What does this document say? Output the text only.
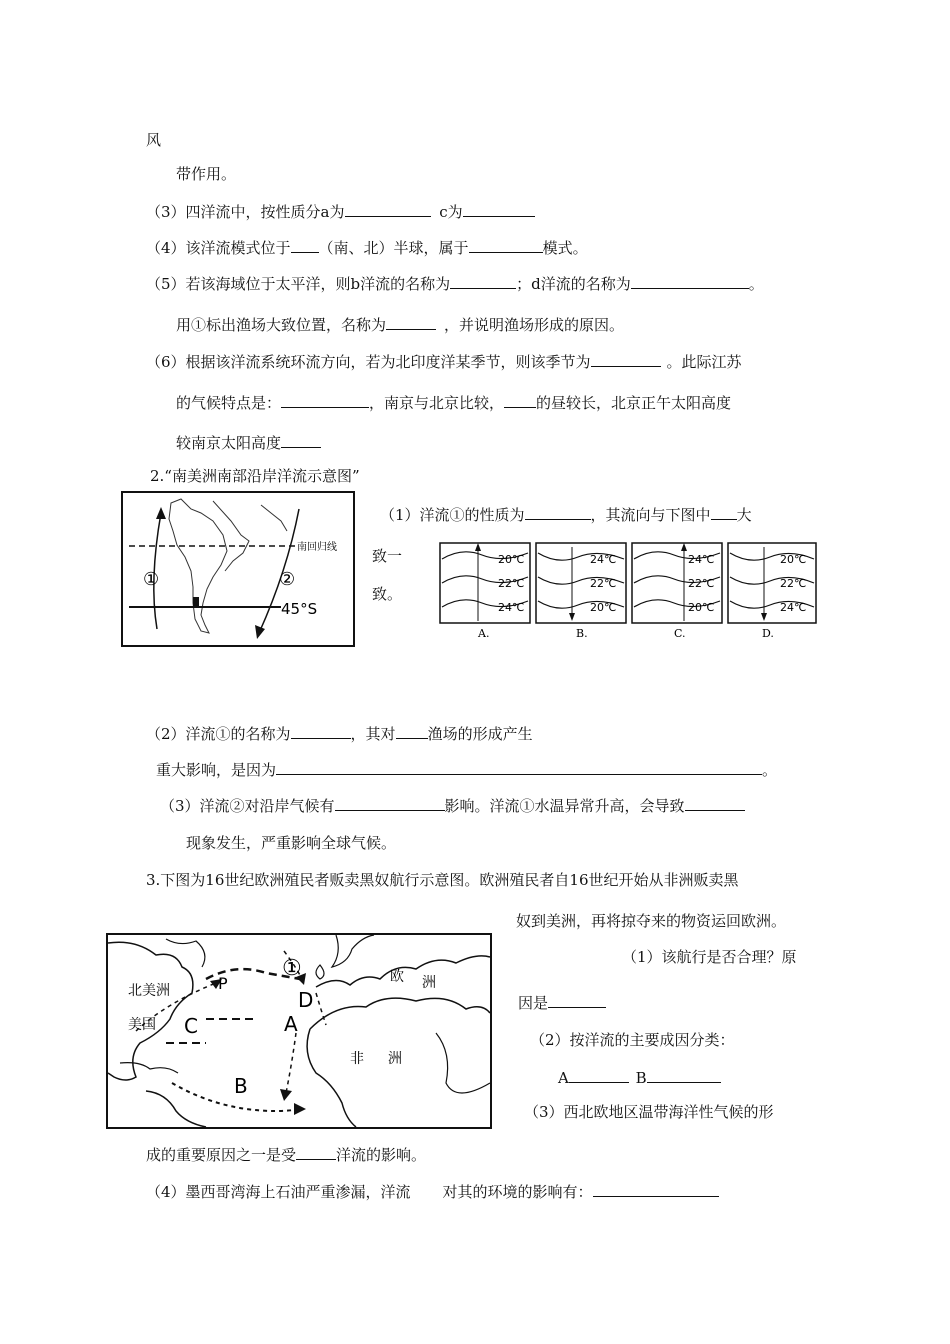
风
带作用。
（3）四洋流中，按性质分a为	c为
（4）该洋流模式位于 （南、北）半球，属于	模式。
（5）若该海域位于太平洋，则b洋流的名称为	；d洋流的名称为	。
用①标出渔场大致位置，名称为	，并说明渔场形成的原因。
（6）根据该洋流系统环流方向，若为北印度洋某季节，则该季节为	。此际江苏
的气候特点是：	，南京与北京比较， 的昼较长，北京正午太阳高度
较南京太阳高度
2.“南美洲南部沿岸洋流示意图”
南回归线
45°S
①	②
（1）洋流①的性质为	，其流向与下图中 大
致一
致。
20℃
22℃
24℃
A.
24℃
22℃
20℃
B.
24℃
22℃
20℃
C.
20℃
22℃
24℃
D.
（2）洋流①的名称为	，其对 渔场的形成产生
重大影响，是因为	。
（3）洋流②对沿岸气候有	影响。洋流①水温异常升高，会导致
现象发生，严重影响全球气候。
3.下图为16世纪欧洲殖民者贩卖黑奴航行示意图。欧洲殖民者自16世纪开始从非洲贩卖黑
奴到美洲，再将掠夺来的物资运回欧洲。
北美洲
美国
欧 洲
非 洲
A
B
C
D
P
①	（1）该航行是否合理？原
因是
（2）按洋流的主要成因分类：
A	B
（3）西北欧地区温带海洋性气候的形
成的重要原因之一是受	洋流的影响。
（4）墨西哥湾海上石油严重渗漏，洋流 对其的环境的影响有：
